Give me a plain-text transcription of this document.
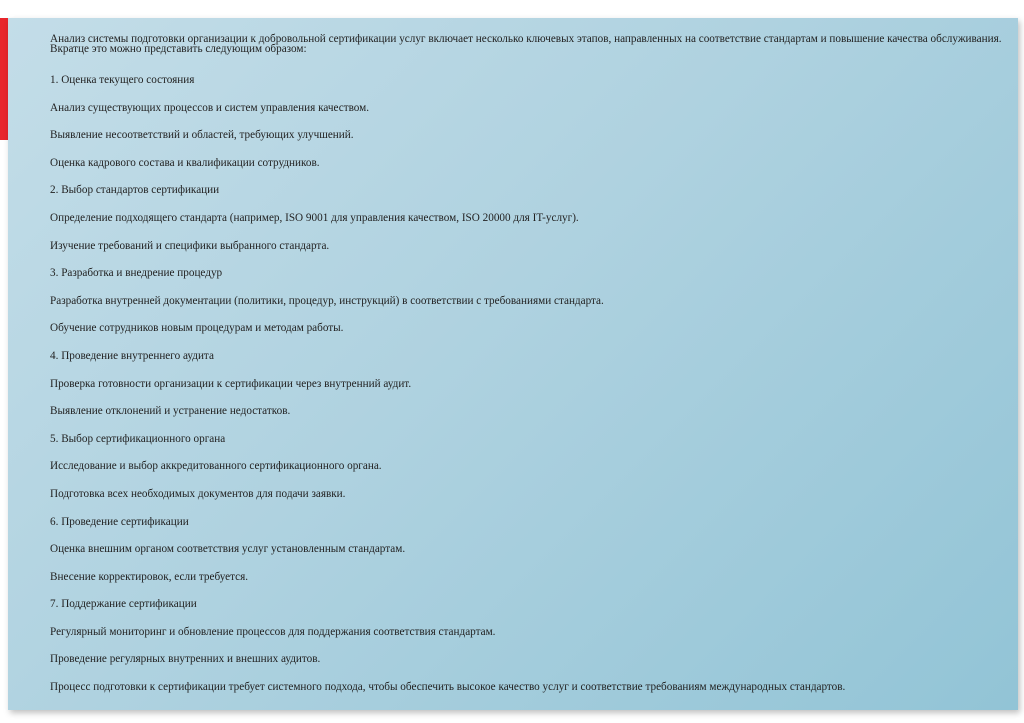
Анализ системы подготовки организации к добровольной сертификации услуг включает несколько ключевых этапов, направленных на соответствие стандартам и повышение качества обслуживания. Вкратце это можно представить следующим образом:

1. Оценка текущего состояния
Анализ существующих процессов и систем управления качеством.
Выявление несоответствий и областей, требующих улучшений.
Оценка кадрового состава и квалификации сотрудников.
2. Выбор стандартов сертификации
Определение подходящего стандарта (например, ISO 9001 для управления качеством, ISO 20000 для IT-услуг).
Изучение требований и специфики выбранного стандарта.
3. Разработка и внедрение процедур
Разработка внутренней документации (политики, процедур, инструкций) в соответствии с требованиями стандарта.
Обучение сотрудников новым процедурам и методам работы.
4. Проведение внутреннего аудита
Проверка готовности организации к сертификации через внутренний аудит.
Выявление отклонений и устранение недостатков.
5. Выбор сертификационного органа
Исследование и выбор аккредитованного сертификационного органа.
Подготовка всех необходимых документов для подачи заявки.
6. Проведение сертификации
Оценка внешним органом соответствия услуг установленным стандартам.
Внесение корректировок, если требуется.
7. Поддержание сертификации
Регулярный мониторинг и обновление процессов для поддержания соответствия стандартам.
Проведение регулярных внутренних и внешних аудитов.
Процесс подготовки к сертификации требует системного подхода, чтобы обеспечить высокое качество услуг и соответствие требованиям международных стандартов.
